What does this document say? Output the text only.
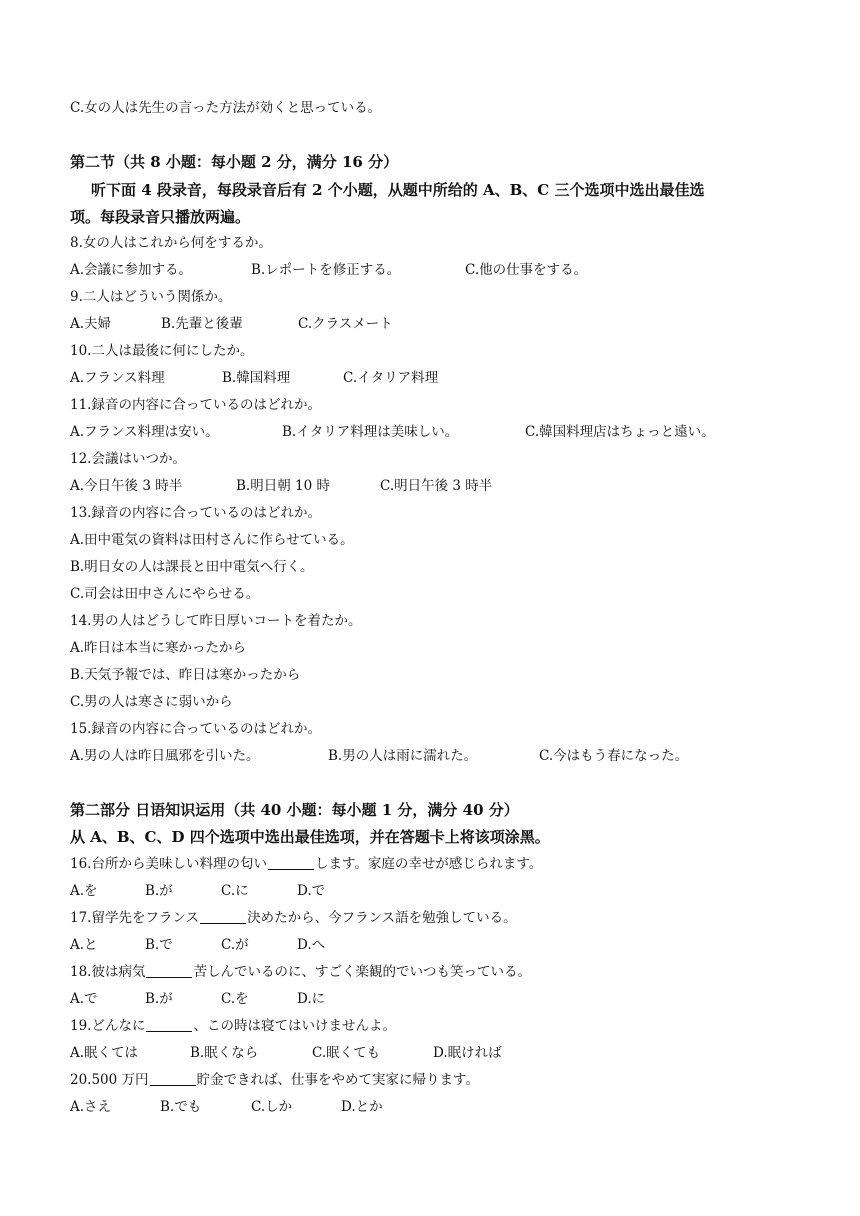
C.女の人は先生の言った方法が効くと思っている。
第二节（共 8 小题：每小题 2 分，满分 16 分）
听下面 4 段录音，每段录音后有 2 个小题，从题中所给的 A、B、C 三个选项中选出最佳选
项。每段录音只播放两遍。
8.女の人はこれから何をするか。
A.会議に参加する。	B.レポートを修正する。	C.他の仕事をする。
9.二人はどういう関係か。
A.夫婦	B.先輩と後輩	C.クラスメート
10.二人は最後に何にしたか。
A.フランス料理	B.韓国料理	C.イタリア料理
11.録音の内容に合っているのはどれか。
A.フランス料理は安い。	B.イタリア料理は美味しい。	C.韓国料理店はちょっと遠い。
12.会議はいつか。
A.今日午後 3 時半	B.明日朝 10 時	C.明日午後 3 時半
13.録音の内容に合っているのはどれか。
A.田中電気の資料は田村さんに作らせている。
B.明日女の人は課長と田中電気へ行く。
C.司会は田中さんにやらせる。
14.男の人はどうして昨日厚いコートを着たか。
A.昨日は本当に寒かったから
B.天気予報では、昨日は寒かったから
C.男の人は寒さに弱いから
15.録音の内容に合っているのはどれか。
A.男の人は昨日風邪を引いた。	B.男の人は雨に濡れた。	C.今はもう春になった。
第二部分 日语知识运用（共 40 小题：每小题 1 分，满分 40 分）
从 A、B、C、D 四个选项中选出最佳选项，并在答题卡上将该项涂黑。
16.台所から美味しい料理の匂い	します。家庭の幸せが感じられます。
A.を	B.が	C.に	D.で
17.留学先をフランス	決めたから、今フランス語を勉強している。
A.と	B.で	C.が	D.へ
18.彼は病気	苦しんでいるのに、すごく楽観的でいつも笑っている。
A.で	B.が	C.を	D.に
19.どんなに	、この時は寝てはいけませんよ。
A.眠くては	B.眠くなら	C.眠くても	D.眠ければ
20.500 万円	貯金できれば、仕事をやめて実家に帰ります。
A.さえ	B.でも	C.しか	D.とか
